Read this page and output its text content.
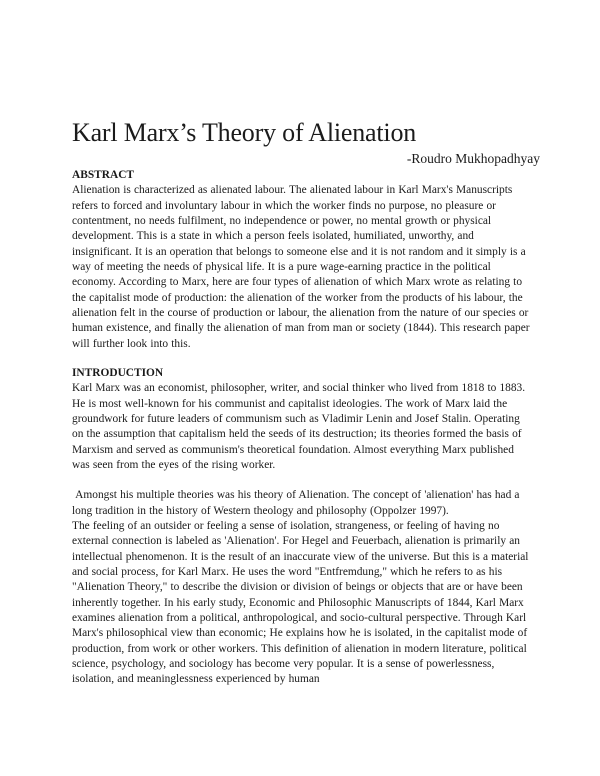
Karl Marx’s Theory of Alienation
-Roudro Mukhopadhyay
ABSTRACT

Alienation is characterized as alienated labour. The alienated labour in Karl Marx's Manuscripts refers to forced and involuntary labour in which the worker finds no purpose, no pleasure or contentment, no needs fulfilment, no independence or power, no mental growth or physical development. This is a state in which a person feels isolated, humiliated, unworthy, and insignificant. It is an operation that belongs to someone else and it is not random and it simply is a way of meeting the needs of physical life. It is a pure wage-earning practice in the political economy. According to Marx, here are four types of alienation of which Marx wrote as relating to the capitalist mode of production: the alienation of the worker from the products of his labour, the alienation felt in the course of production or labour, the alienation from the nature of our species or human existence, and finally the alienation of man from man or society (1844). This research paper will further look into this.

INTRODUCTION

Karl Marx was an economist, philosopher, writer, and social thinker who lived from 1818 to 1883. He is most well-known for his communist and capitalist ideologies. The work of Marx laid the groundwork for future leaders of communism such as Vladimir Lenin and Josef Stalin. Operating on the assumption that capitalism held the seeds of its destruction; its theories formed the basis of Marxism and served as communism's theoretical foundation. Almost everything Marx published was seen from the eyes of the rising worker.

Amongst his multiple theories was his theory of Alienation. The concept of 'alienation' has had a long tradition in the history of Western theology and philosophy (Oppolzer 1997).

The feeling of an outsider or feeling a sense of isolation, strangeness, or feeling of having no external connection is labeled as 'Alienation'. For Hegel and Feuerbach, alienation is primarily an intellectual phenomenon. It is the result of an inaccurate view of the universe. But this is a material and social process, for Karl Marx. He uses the word "Entfremdung," which he refers to as his "Alienation Theory," to describe the division or division of beings or objects that are or have been inherently together. In his early study, Economic and Philosophic Manuscripts of 1844, Karl Marx examines alienation from a political, anthropological, and socio-cultural perspective. Through Karl Marx's philosophical view than economic; He explains how he is isolated, in the capitalist mode of production, from work or other workers. This definition of alienation in modern literature, political science, psychology, and sociology has become very popular. It is a sense of powerlessness, isolation, and meaninglessness experienced by human
